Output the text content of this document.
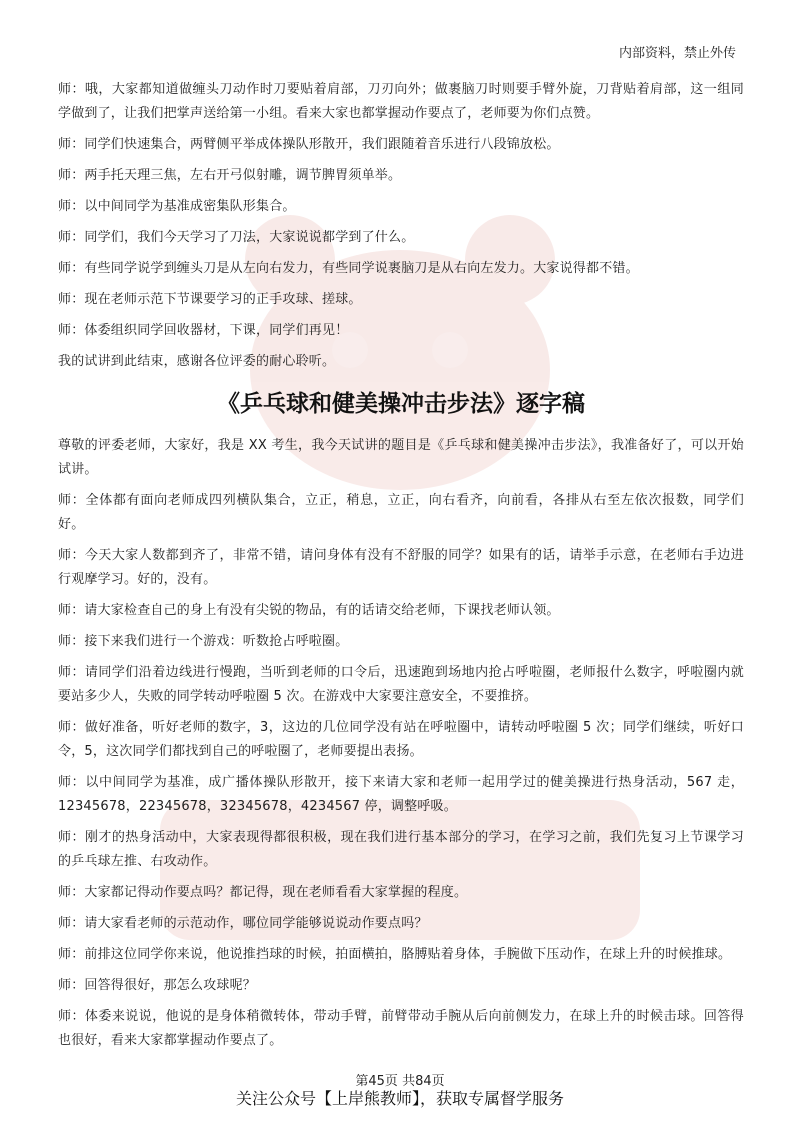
内部资料，禁止外传

师：哦，大家都知道做缠头刀动作时刀要贴着肩部，刀刃向外；做裹脑刀时则要手臂外旋，刀背贴着肩部，这一组同学做到了，让我们把掌声送给第一小组。看来大家也都掌握动作要点了，老师要为你们点赞。

师：同学们快速集合，两臂侧平举成体操队形散开，我们跟随着音乐进行八段锦放松。

师：两手托天理三焦，左右开弓似射雕，调节脾胃须单举。

师：以中间同学为基准成密集队形集合。

师：同学们，我们今天学习了刀法，大家说说都学到了什么。

师：有些同学说学到缠头刀是从左向右发力，有些同学说裹脑刀是从右向左发力。大家说得都不错。

师：现在老师示范下节课要学习的正手攻球、搓球。

师：体委组织同学回收器材，下课，同学们再见！

我的试讲到此结束，感谢各位评委的耐心聆听。

《乒乓球和健美操冲击步法》逐字稿

尊敬的评委老师，大家好，我是 XX 考生，我今天试讲的题目是《乒乓球和健美操冲击步法》，我准备好了，可以开始试讲。

师：全体都有面向老师成四列横队集合，立正，稍息，立正，向右看齐，向前看，各排从右至左依次报数，同学们好。

师：今天大家人数都到齐了，非常不错，请问身体有没有不舒服的同学？如果有的话，请举手示意，在老师右手边进行观摩学习。好的，没有。

师：请大家检查自己的身上有没有尖锐的物品，有的话请交给老师，下课找老师认领。

师：接下来我们进行一个游戏：听数抢占呼啦圈。

师：请同学们沿着边线进行慢跑，当听到老师的口令后，迅速跑到场地内抢占呼啦圈，老师报什么数字，呼啦圈内就要站多少人，失败的同学转动呼啦圈 5 次。在游戏中大家要注意安全，不要推挤。

师：做好准备，听好老师的数字，3，这边的几位同学没有站在呼啦圈中，请转动呼啦圈 5 次；同学们继续，听好口令，5，这次同学们都找到自己的呼啦圈了，老师要提出表扬。

师：以中间同学为基准，成广播体操队形散开，接下来请大家和老师一起用学过的健美操进行热身活动，567 走，12345678，22345678，32345678，4234567 停，调整呼吸。

师：刚才的热身活动中，大家表现得都很积极，现在我们进行基本部分的学习，在学习之前，我们先复习上节课学习的乒乓球左推、右攻动作。

师：大家都记得动作要点吗？都记得，现在老师看看大家掌握的程度。

师：请大家看老师的示范动作，哪位同学能够说说动作要点吗？

师：前排这位同学你来说，他说推挡球的时候，拍面横拍，胳膊贴着身体，手腕做下压动作，在球上升的时候推球。

师：回答得很好，那怎么攻球呢？

师：体委来说说，他说的是身体稍微转体，带动手臂，前臂带动手腕从后向前侧发力，在球上升的时候击球。回答得也很好，看来大家都掌握动作要点了。

第45页 共84页
关注公众号【上岸熊教师】，获取专属督学服务
